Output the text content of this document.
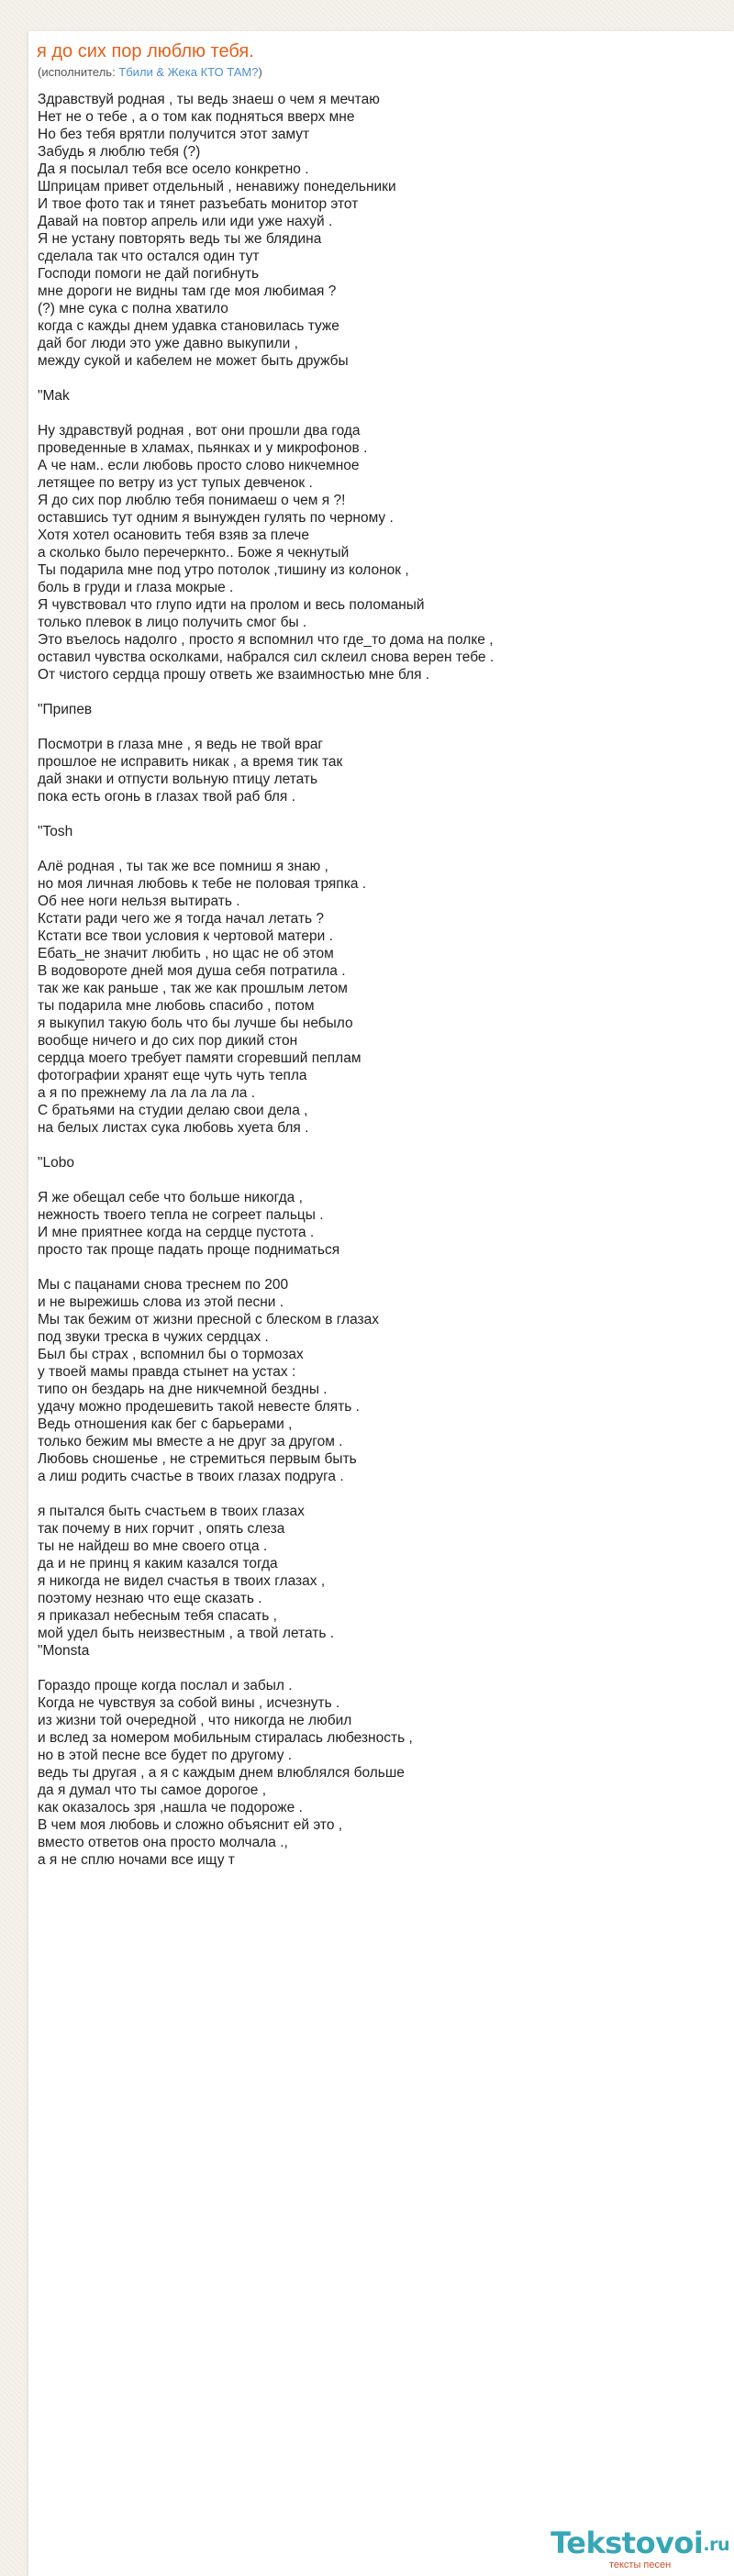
я до сих пор люблю тебя.
(исполнитель: Тбили & Жека КТО ТАМ?)
Здравствуй родная , ты ведь знаеш о чем я мечтаю
Нет не о тебе , а о том как подняться вверх мне
Но без тебя врятли получится этот замут
Забудь я люблю тебя (?)
Да я посылал тебя все осело конкретно .
Шприцам привет отдельный , ненавижу понедельники
И твое фото так и тянет разъебать монитор этот
Давай на повтор апрель или иди уже нахуй .
Я не устану повторять ведь ты же блядина
сделала так что остался один тут
Господи помоги не дай погибнуть
мне дороги не видны там где моя любимая ?
(?) мне сука с полна хватило
когда с кажды днем удавка становилась туже
дай бог люди это уже давно выкупили ,
между сукой и кабелем не может быть дружбы
"Mak
Ну здравствуй родная , вот они прошли два года
проведенные в хламах, пьянках и у микрофонов .
А че нам.. если любовь просто слово никчемное
летящее по ветру из уст тупых девченок .
Я до сих пор люблю тебя понимаеш о чем я ?!
оставшись тут одним я вынужден гулять по черному .
Хотя хотел осановить тебя взяв за плече
а сколько было перечеркнто.. Боже я чекнутый
Ты подарила мне под утро потолок ,тишину из колонок ,
боль в груди и глаза мокрые .
Я чувствовал что глупо идти на пролом и весь поломаный
только плевок в лицо получить смог бы .
Это въелось надолго , просто я вспомнил что где_то дома на полке ,
оставил чувства осколками, набрался сил склеил снова верен тебе .
От чистого сердца прошу ответь же взаимностью мне бля .
"Припев
Посмотри в глаза мне , я ведь не твой враг
прошлое не исправить никак , а время тик так
дай знаки и отпусти вольную птицу летать
пока есть огонь в глазах твой раб бля .
"Tosh
Алё родная , ты так же все помниш я знаю ,
но моя личная любовь к тебе не половая тряпка .
Об нее ноги нельзя вытирать .
Кстати ради чего же я тогда начал летать ?
Кстати все твои условия к чертовой матери .
Ебать_не значит любить , но щас не об этом
В водовороте дней моя душа себя потратила .
так же как раньше , так же как прошлым летом
ты подарила мне любовь спасибо , потом
я выкупил такую боль что бы лучше бы небыло
вообще ничего и до сих пор дикий стон
сердца моего требует памяти сгоревший пеплам
фотографии хранят еще чуть чуть тепла
а я по прежнему ла ла ла ла ла .
С братьями на студии делаю свои дела ,
на белых листах сука любовь хуета бля .
"Lobo
Я же обещал себе что больше никогда ,
нежность твоего тепла не согреет пальцы .
И мне приятнее когда на сердце пустота .
просто так проще падать проще подниматься
Мы с пацанами снова треснем по 200
и не вырежишь слова из этой песни .
Мы так бежим от жизни пресной с блеском в глазах
под звуки треска в чужих сердцах .
Был бы страх , вспомнил бы о тормозах
у твоей мамы правда стынет на устах :
типо он бездарь на дне никчемной бездны .
удачу можно продешевить такой невесте блять .
Ведь отношения как бег с барьерами ,
только бежим мы вместе а не друг за другом .
Любовь сношенье , не стремиться первым быть
а лиш родить счастье в твоих глазах подруга .
я пытался быть счастьем в твоих глазах
так почему в них горчит , опять слеза
ты не найдеш во мне своего отца .
да и не принц я каким казался тогда
я никогда не видел счастья в твоих глазах ,
поэтому незнаю что еще сказать .
я приказал небесным тебя спасать ,
мой удел быть неизвестным , а твой летать .
"Monsta
Гораздо проще когда послал и забыл .
Когда не чувствуя за собой вины , исчезнуть .
из жизни той очередной , что никогда не любил
и вслед за номером мобильным стиралась любезность ,
но в этой песне все будет по другому .
ведь ты другая , а я с каждым днем влюблялся больше
да я думал что ты самое дорогое ,
как оказалось зря ,нашла че подороже .
В чем моя любовь и сложно объяснит ей это ,
вместо ответов она просто молчала .,
а я не сплю ночами все ищу т
Tekstovoi.ru
тексты песен
